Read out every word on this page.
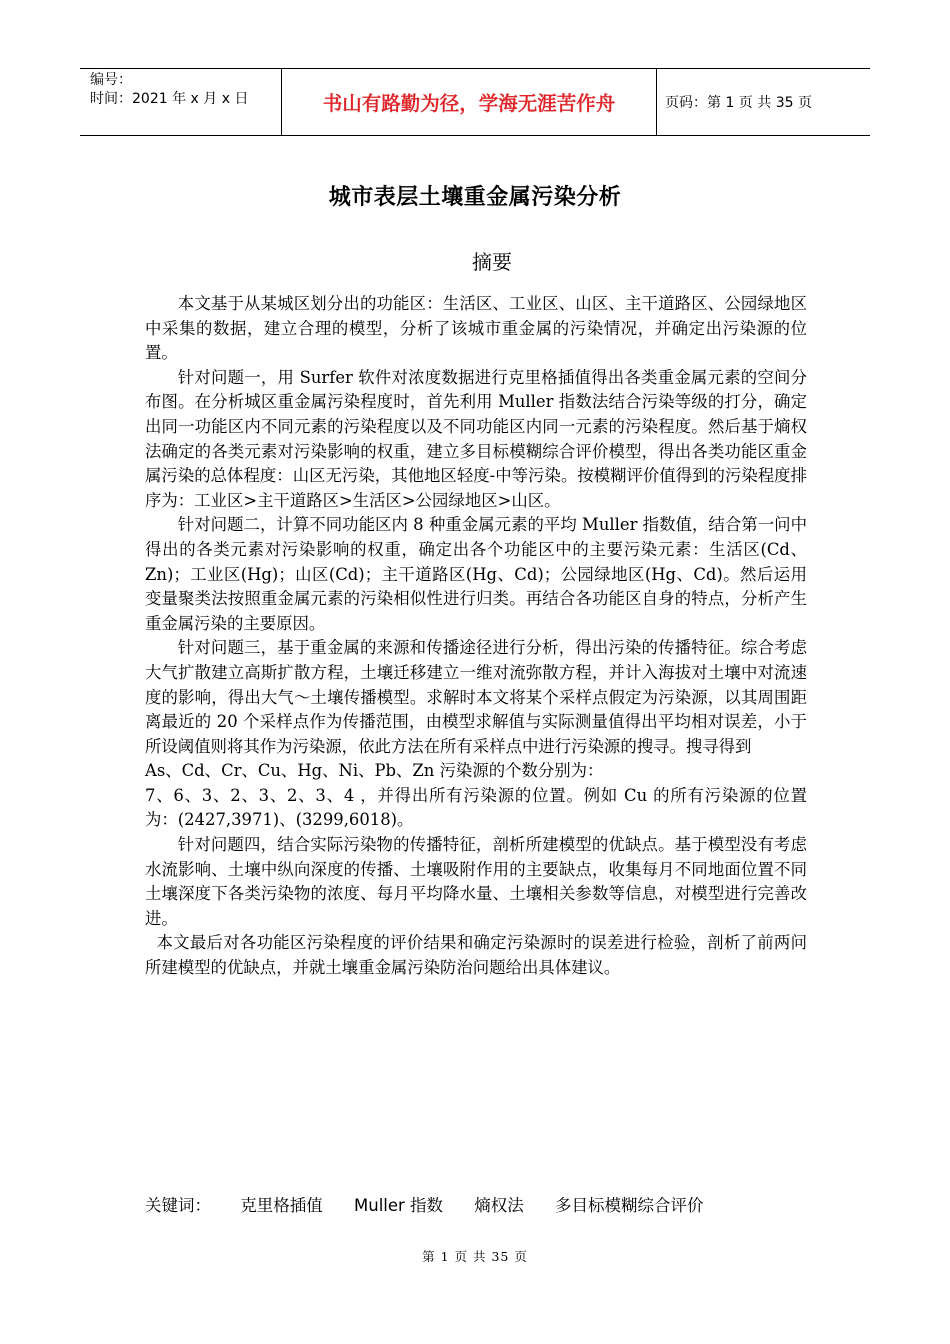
编号：
时间：2021 年 x 月 x 日	书山有路勤为径，学海无涯苦作舟	页码：第 1 页 共 35 页
城市表层土壤重金属污染分析
摘要

本文基于从某城区划分出的功能区：生活区、工业区、山区、主干道路区、公园绿地区中采集的数据，建立合理的模型，分析了该城市重金属的污染情况，并确定出污染源的位置。

针对问题一，用 Surfer 软件对浓度数据进行克里格插值得出各类重金属元素的空间分布图。在分析城区重金属污染程度时，首先利用 Muller 指数法结合污染等级的打分，确定出同一功能区内不同元素的污染程度以及不同功能区内同一元素的污染程度。然后基于熵权法确定的各类元素对污染影响的权重，建立多目标模糊综合评价模型，得出各类功能区重金属污染的总体程度：山区无污染，其他地区轻度-中等污染。按模糊评价值得到的污染程度排序为：工业区>主干道路区>生活区>公园绿地区>山区。

针对问题二，计算不同功能区内 8 种重金属元素的平均 Muller 指数值，结合第一问中得出的各类元素对污染影响的权重，确定出各个功能区中的主要污染元素：生活区(Cd、Zn)；工业区(Hg)；山区(Cd)；主干道路区(Hg、Cd)；公园绿地区(Hg、Cd)。然后运用变量聚类法按照重金属元素的污染相似性进行归类。再结合各功能区自身的特点，分析产生重金属污染的主要原因。

针对问题三，基于重金属的来源和传播途径进行分析，得出污染的传播特征。综合考虑大气扩散建立高斯扩散方程，土壤迁移建立一维对流弥散方程，并计入海拔对土壤中对流速度的影响，得出大气～土壤传播模型。求解时本文将某个采样点假定为污染源，以其周围距离最近的 20 个采样点作为传播范围，由模型求解值与实际测量值得出平均相对误差，小于所设阈值则将其作为污染源，依此方法在所有采样点中进行污染源的搜寻。搜寻得到

As、Cd、Cr、Cu、Hg、Ni、Pb、Zn 污染源的个数分别为：

7、6、3、2、3、2、3、4 ，并得出所有污染源的位置。例如 Cu 的所有污染源的位置为：(2427,3971)、(3299,6018)。

针对问题四，结合实际污染物的传播特征，剖析所建模型的优缺点。基于模型没有考虑水流影响、土壤中纵向深度的传播、土壤吸附作用的主要缺点，收集每月不同地面位置不同土壤深度下各类污染物的浓度、每月平均降水量、土壤相关参数等信息，对模型进行完善改进。

本文最后对各功能区污染程度的评价结果和确定污染源时的误差进行检验，剖析了前两问所建模型的优缺点，并就土壤重金属污染防治问题给出具体建议。

关键词： 克里格插值 Muller 指数 熵权法 多目标模糊综合评价
第 1 页 共 35 页
